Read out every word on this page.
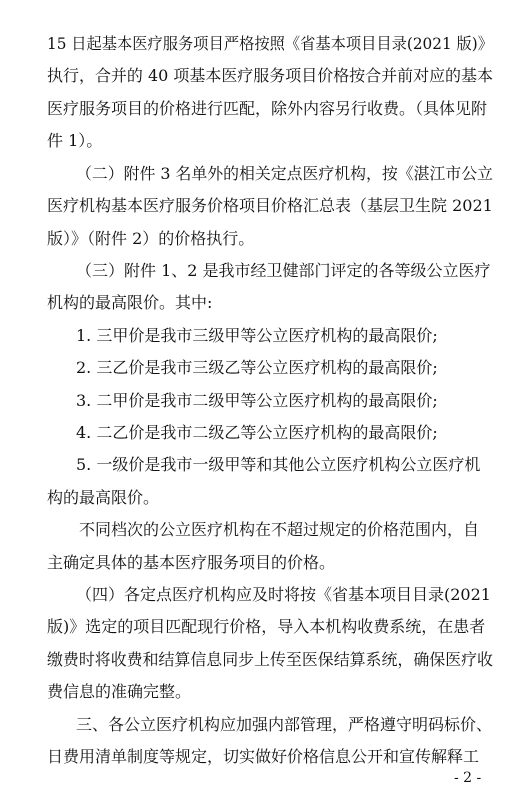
15 日起基本医疗服务项目严格按照《省基本项目目录(2021 版)》
执行，合并的 40 项基本医疗服务项目价格按合并前对应的基本
医疗服务项目的价格进行匹配，除外内容另行收费。（具体见附
件 1）。
（二）附件 3 名单外的相关定点医疗机构，按《湛江市公立
医疗机构基本医疗服务价格项目价格汇总表（基层卫生院 2021
版）》（附件 2）的价格执行。
（三）附件 1、2 是我市经卫健部门评定的各等级公立医疗
机构的最高限价。其中:
1. 三甲价是我市三级甲等公立医疗机构的最高限价;
2. 三乙价是我市三级乙等公立医疗机构的最高限价;
3. 二甲价是我市二级甲等公立医疗机构的最高限价;
4. 二乙价是我市二级乙等公立医疗机构的最高限价;
5. 一级价是我市一级甲等和其他公立医疗机构公立医疗机
构的最高限价。
不同档次的公立医疗机构在不超过规定的价格范围内，自
主确定具体的基本医疗服务项目的价格。
（四）各定点医疗机构应及时将按《省基本项目目录(2021
版)》选定的项目匹配现行价格，导入本机构收费系统，在患者
缴费时将收费和结算信息同步上传至医保结算系统，确保医疗收
费信息的准确完整。
三、各公立医疗机构应加强内部管理，严格遵守明码标价、
日费用清单制度等规定，切实做好价格信息公开和宣传解释工
- 2 -
